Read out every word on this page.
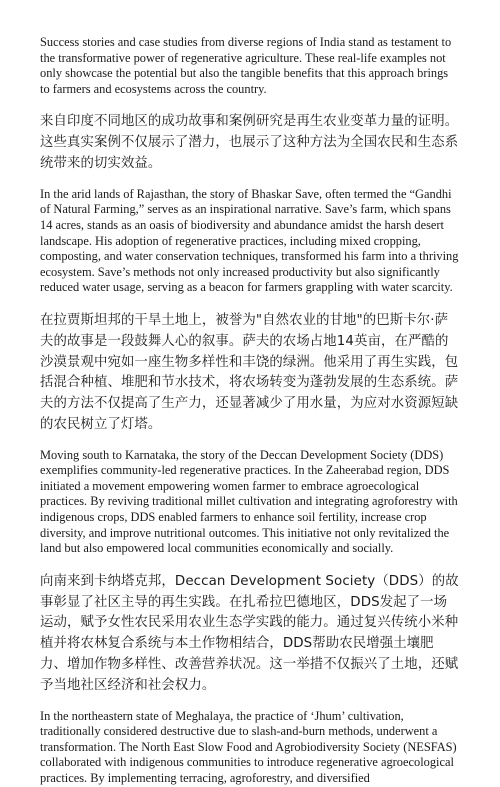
Success stories and case studies from diverse regions of India stand as testament to the transformative power of regenerative agriculture. These real-life examples not only showcase the potential but also the tangible benefits that this approach brings to farmers and ecosystems across the country.

来自印度不同地区的成功故事和案例研究是再生农业变革力量的证明。这些真实案例不仅展示了潜力，也展示了这种方法为全国农民和生态系统带来的切实效益。

In the arid lands of Rajasthan, the story of Bhaskar Save, often termed the “Gandhi of Natural Farming,” serves as an inspirational narrative. Save’s farm, which spans 14 acres, stands as an oasis of biodiversity and abundance amidst the harsh desert landscape. His adoption of regenerative practices, including mixed cropping, composting, and water conservation techniques, transformed his farm into a thriving ecosystem. Save’s methods not only increased productivity but also significantly reduced water usage, serving as a beacon for farmers grappling with water scarcity.

在拉贾斯坦邦的干旱土地上，被誉为"自然农业的甘地"的巴斯卡尔·萨夫的故事是一段鼓舞人心的叙事。萨夫的农场占地14英亩，在严酷的沙漠景观中宛如一座生物多样性和丰饶的绿洲。他采用了再生实践，包括混合种植、堆肥和节水技术，将农场转变为蓬勃发展的生态系统。萨夫的方法不仅提高了生产力，还显著减少了用水量，为应对水资源短缺的农民树立了灯塔。

Moving south to Karnataka, the story of the Deccan Development Society (DDS) exemplifies community-led regenerative practices. In the Zaheerabad region, DDS initiated a movement empowering women farmer to embrace agroecological practices. By reviving traditional millet cultivation and integrating agroforestry with indigenous crops, DDS enabled farmers to enhance soil fertility, increase crop diversity, and improve nutritional outcomes. This initiative not only revitalized the land but also empowered local communities economically and socially.

向南来到卡纳塔克邦，Deccan Development Society（DDS）的故事彰显了社区主导的再生实践。在扎希拉巴德地区，DDS发起了一场运动，赋予女性农民采用农业生态学实践的能力。通过复兴传统小米种植并将农林复合系统与本土作物相结合，DDS帮助农民增强土壤肥力、增加作物多样性、改善营养状况。这一举措不仅振兴了土地，还赋予当地社区经济和社会权力。

In the northeastern state of Meghalaya, the practice of ‘Jhum’ cultivation, traditionally considered destructive due to slash-and-burn methods, underwent a transformation. The North East Slow Food and Agrobiodiversity Society (NESFAS) collaborated with indigenous communities to introduce regenerative agroecological practices. By implementing terracing, agroforestry, and diversified
